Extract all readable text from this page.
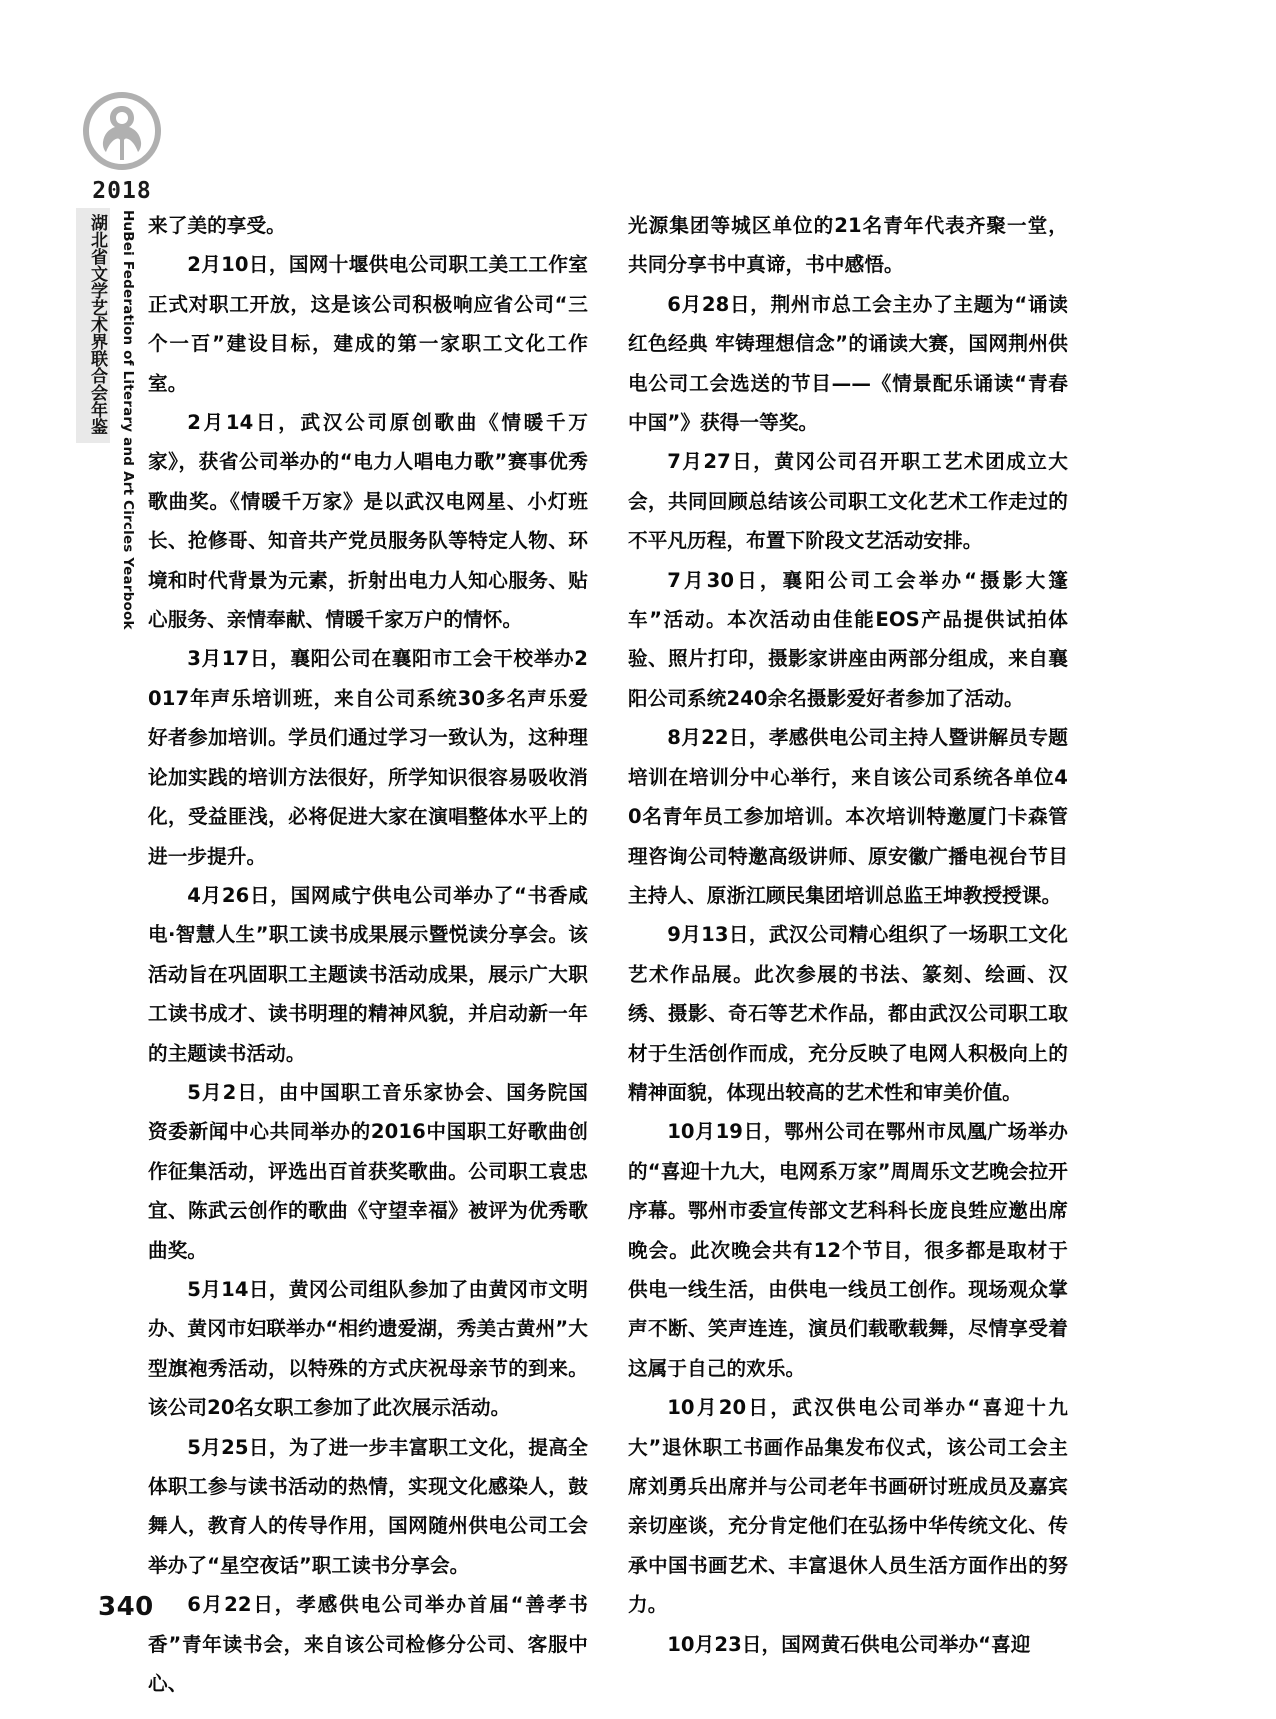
2018
湖北省文学艺术界联合会年鉴 HuBei Federation of Literary and Art Circles Yearbook 来了美的享受。

2月10日，国网十堰供电公司职工美工工作室正式对职工开放，这是该公司积极响应省公司“三个一百”建设目标，建成的第一家职工文化工作室。

2月14日，武汉公司原创歌曲《情暖千万家》，获省公司举办的“电力人唱电力歌”赛事优秀歌曲奖。《情暖千万家》是以武汉电网星、小灯班长、抢修哥、知音共产党员服务队等特定人物、环境和时代背景为元素，折射出电力人知心服务、贴心服务、亲情奉献、情暖千家万户的情怀。

3月17日，襄阳公司在襄阳市工会干校举办2017年声乐培训班，来自公司系统30多名声乐爱好者参加培训。学员们通过学习一致认为，这种理论加实践的培训方法很好，所学知识很容易吸收消化，受益匪浅，必将促进大家在演唱整体水平上的进一步提升。

4月26日，国网咸宁供电公司举办了“书香咸电·智慧人生”职工读书成果展示暨悦读分享会。该活动旨在巩固职工主题读书活动成果，展示广大职工读书成才、读书明理的精神风貌，并启动新一年的主题读书活动。

5月2日，由中国职工音乐家协会、国务院国资委新闻中心共同举办的2016中国职工好歌曲创作征集活动，评选出百首获奖歌曲。公司职工袁忠宜、陈武云创作的歌曲《守望幸福》被评为优秀歌曲奖。

5月14日，黄冈公司组队参加了由黄冈市文明办、黄冈市妇联举办“相约遗爱湖，秀美古黄州”大型旗袍秀活动，以特殊的方式庆祝母亲节的到来。该公司20名女职工参加了此次展示活动。

5月25日，为了进一步丰富职工文化，提高全体职工参与读书活动的热情，实现文化感染人，鼓舞人，教育人的传导作用，国网随州供电公司工会举办了“星空夜话”职工读书分享会。

6月22日，孝感供电公司举办首届“善孝书香”青年读书会，来自该公司检修分公司、客服中心、

光源集团等城区单位的21名青年代表齐聚一堂，共同分享书中真谛，书中感悟。

6月28日，荆州市总工会主办了主题为“诵读红色经典 牢铸理想信念”的诵读大赛，国网荆州供电公司工会选送的节目——《情景配乐诵读“青春中国”》获得一等奖。

7月27日，黄冈公司召开职工艺术团成立大会，共同回顾总结该公司职工文化艺术工作走过的不平凡历程，布置下阶段文艺活动安排。

7月30日，襄阳公司工会举办“摄影大篷车”活动。本次活动由佳能EOS产品提供试拍体验、照片打印，摄影家讲座由两部分组成，来自襄阳公司系统240余名摄影爱好者参加了活动。

8月22日，孝感供电公司主持人暨讲解员专题培训在培训分中心举行，来自该公司系统各单位40名青年员工参加培训。本次培训特邀厦门卡森管理咨询公司特邀高级讲师、原安徽广播电视台节目主持人、原浙江顾民集团培训总监王坤教授授课。

9月13日，武汉公司精心组织了一场职工文化艺术作品展。此次参展的书法、篆刻、绘画、汉绣、摄影、奇石等艺术作品，都由武汉公司职工取材于生活创作而成，充分反映了电网人积极向上的精神面貌，体现出较高的艺术性和审美价值。

10月19日，鄂州公司在鄂州市凤凰广场举办的“喜迎十九大，电网系万家”周周乐文艺晚会拉开序幕。鄂州市委宣传部文艺科科长庞良甡应邀出席晚会。此次晚会共有12个节目，很多都是取材于供电一线生活，由供电一线员工创作。现场观众掌声不断、笑声连连，演员们载歌载舞，尽情享受着这属于自己的欢乐。

10月20日，武汉供电公司举办“喜迎十九大”退休职工书画作品集发布仪式，该公司工会主席刘勇兵出席并与公司老年书画研讨班成员及嘉宾亲切座谈，充分肯定他们在弘扬中华传统文化、传承中国书画艺术、丰富退休人员生活方面作出的努力。

10月23日，国网黄石供电公司举办“喜迎

340
